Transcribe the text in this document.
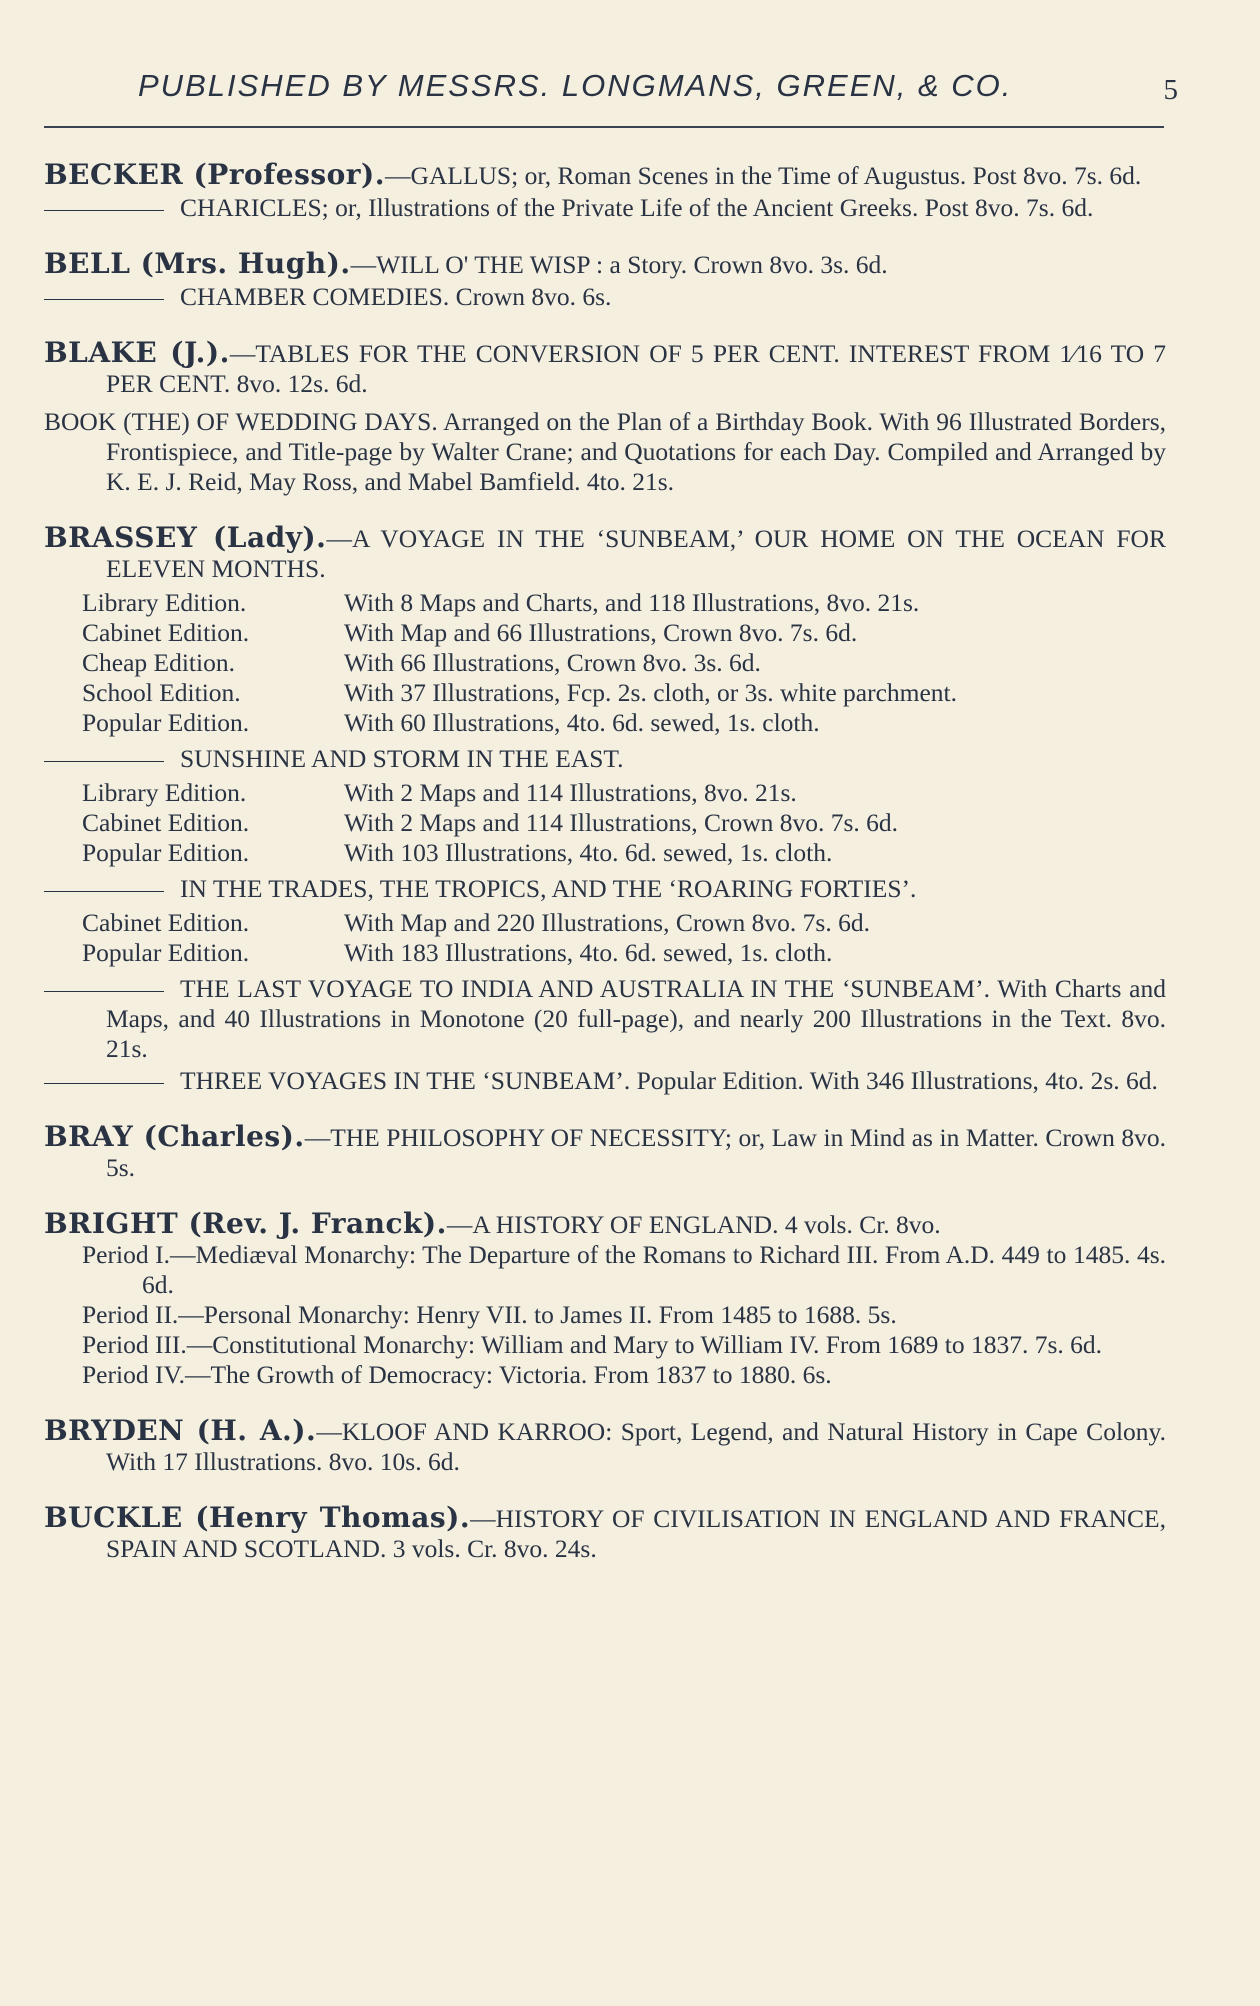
PUBLISHED BY MESSRS. LONGMANS, GREEN, & CO.	5

BECKER (Professor).—GALLUS; or, Roman Scenes in the Time of Augustus. Post 8vo. 7s. 6d.

CHARICLES; or, Illustrations of the Private Life of the Ancient Greeks. Post 8vo. 7s. 6d.

BELL (Mrs. Hugh).—WILL O' THE WISP : a Story. Crown 8vo. 3s. 6d.

CHAMBER COMEDIES. Crown 8vo. 6s.

BLAKE (J.).—TABLES FOR THE CONVERSION OF 5 PER CENT. INTEREST FROM 1⁄16 TO 7 PER CENT. 8vo. 12s. 6d.

BOOK (THE) OF WEDDING DAYS. Arranged on the Plan of a Birthday Book. With 96 Illustrated Borders, Frontispiece, and Title-page by Walter Crane; and Quotations for each Day. Compiled and Arranged by K. E. J. Reid, May Ross, and Mabel Bamfield. 4to. 21s.

BRASSEY (Lady).—A VOYAGE IN THE ‘SUNBEAM,’ OUR HOME ON THE OCEAN FOR ELEVEN MONTHS.

Library Edition.	With 8 Maps and Charts, and 118 Illustrations, 8vo. 21s.
Cabinet Edition.	With Map and 66 Illustrations, Crown 8vo. 7s. 6d.
Cheap Edition.	With 66 Illustrations, Crown 8vo. 3s. 6d.
School Edition.	With 37 Illustrations, Fcp. 2s. cloth, or 3s. white parchment.
Popular Edition.	With 60 Illustrations, 4to. 6d. sewed, 1s. cloth.

SUNSHINE AND STORM IN THE EAST.

Library Edition.	With 2 Maps and 114 Illustrations, 8vo. 21s.
Cabinet Edition.	With 2 Maps and 114 Illustrations, Crown 8vo. 7s. 6d.
Popular Edition.	With 103 Illustrations, 4to. 6d. sewed, 1s. cloth.

IN THE TRADES, THE TROPICS, AND THE ‘ROARING FORTIES’.

Cabinet Edition.	With Map and 220 Illustrations, Crown 8vo. 7s. 6d.
Popular Edition.	With 183 Illustrations, 4to. 6d. sewed, 1s. cloth.

THE LAST VOYAGE TO INDIA AND AUSTRALIA IN THE ‘SUNBEAM’. With Charts and Maps, and 40 Illustrations in Monotone (20 full-page), and nearly 200 Illustrations in the Text. 8vo. 21s.

THREE VOYAGES IN THE ‘SUNBEAM’. Popular Edition. With 346 Illustrations, 4to. 2s. 6d.

BRAY (Charles).—THE PHILOSOPHY OF NECESSITY; or, Law in Mind as in Matter. Crown 8vo. 5s.

BRIGHT (Rev. J. Franck).—A HISTORY OF ENGLAND. 4 vols. Cr. 8vo.

Period I.—Mediæval Monarchy: The Departure of the Romans to Richard III. From A.D. 449 to 1485. 4s. 6d.

Period II.—Personal Monarchy: Henry VII. to James II. From 1485 to 1688. 5s.

Period III.—Constitutional Monarchy: William and Mary to William IV. From 1689 to 1837. 7s. 6d.

Period IV.—The Growth of Democracy: Victoria. From 1837 to 1880. 6s.

BRYDEN (H. A.).—KLOOF AND KARROO: Sport, Legend, and Natural History in Cape Colony. With 17 Illustrations. 8vo. 10s. 6d.

BUCKLE (Henry Thomas).—HISTORY OF CIVILISATION IN ENGLAND AND FRANCE, SPAIN AND SCOTLAND. 3 vols. Cr. 8vo. 24s.
